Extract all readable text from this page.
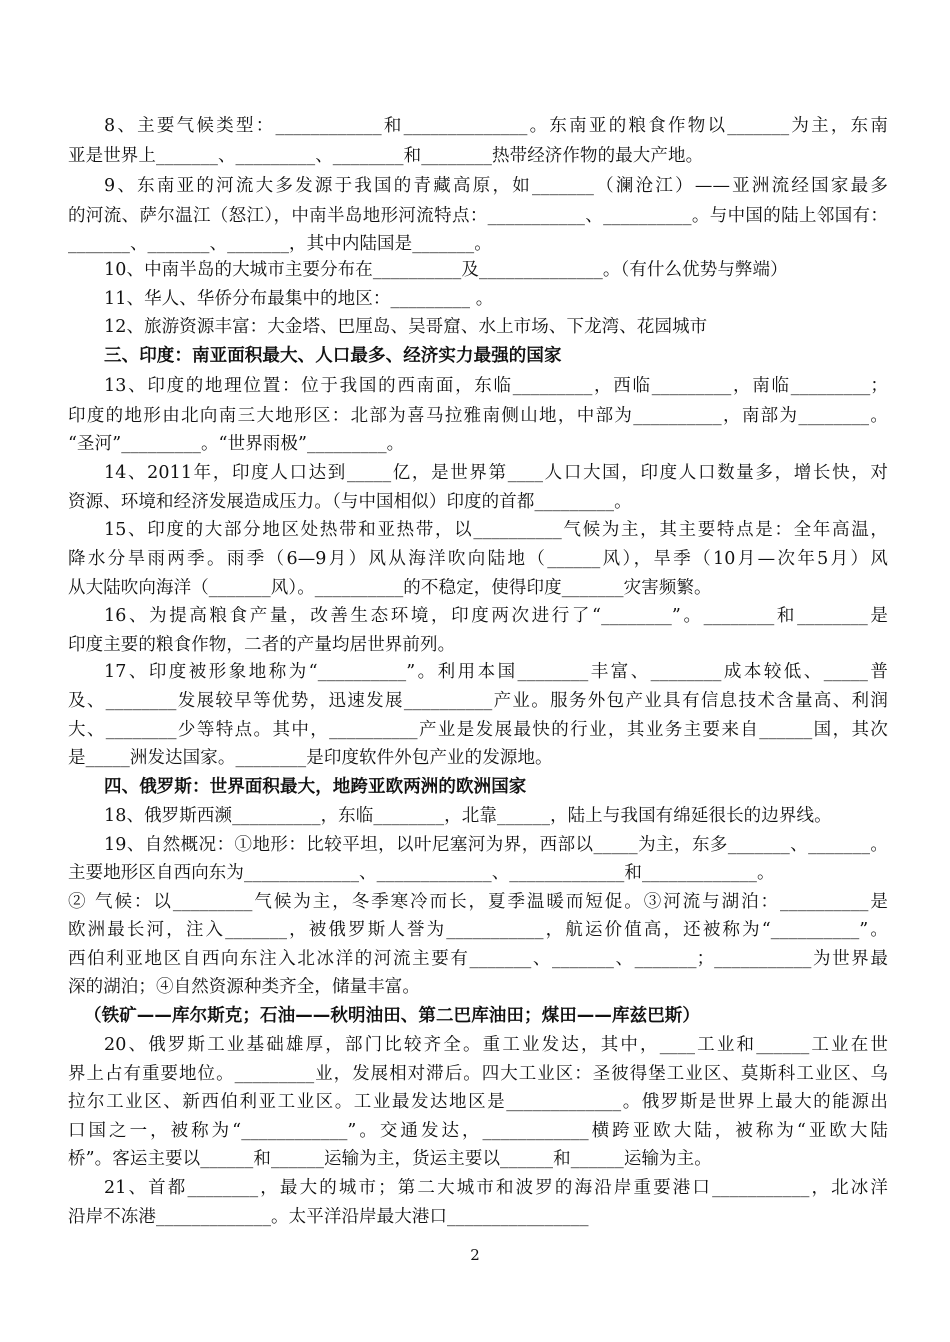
8、主要气候类型：____________和______________。东南亚的粮食作物以_______为主，东南
亚是世界上_______、_________、________和________热带经济作物的最大产地。
9、东南亚的河流大多发源于我国的青藏高原，如_______（澜沧江）——亚洲流经国家最多
的河流、萨尔温江（怒江），中南半岛地形河流特点：___________、__________。与中国的陆上邻国有：
_______、_______、_______，其中内陆国是_______。
10、中南半岛的大城市主要分布在__________及______________。（有什么优势与弊端）
11、华人、华侨分布最集中的地区：_________ 。
12、旅游资源丰富：大金塔、巴厘岛、吴哥窟、水上市场、下龙湾、花园城市
三、印度：南亚面积最大、人口最多、经济实力最强的国家
13、印度的地理位置：位于我国的西南面，东临_________，西临_________，南临_________；
印度的地形由北向南三大地形区：北部为喜马拉雅南侧山地，中部为__________，南部为________。
“圣河”_________。“世界雨极”_________。
14、2011年，印度人口达到_____亿，是世界第____人口大国，印度人口数量多，增长快，对
资源、环境和经济发展造成压力。（与中国相似）印度的首都_________。
15、印度的大部分地区处热带和亚热带，以__________气候为主，其主要特点是：全年高温，
降水分旱雨两季。雨季（6—9月）风从海洋吹向陆地（______风），旱季（10月—次年5月）风
从大陆吹向海洋（_______风）。__________的不稳定，使得印度_______灾害频繁。
16、为提高粮食产量，改善生态环境，印度两次进行了“________”。________和________是
印度主要的粮食作物，二者的产量均居世界前列。
17、印度被形象地称为“__________”。利用本国________丰富、________成本较低、_____普
及、________发展较早等优势，迅速发展__________产业。服务外包产业具有信息技术含量高、利润
大、________少等特点。其中，__________产业是发展最快的行业，其业务主要来自______国，其次
是_____洲发达国家。________是印度软件外包产业的发源地。
四、俄罗斯：世界面积最大，地跨亚欧两洲的欧洲国家
18、俄罗斯西濒__________，东临________，北靠______，陆上与我国有绵延很长的边界线。
19、自然概况：①地形：比较平坦，以叶尼塞河为界，西部以_____为主，东多_______、_______。
主要地形区自西向东为_____________、_____________、_____________和_____________。
② 气候：以_________气候为主，冬季寒冷而长，夏季温暖而短促。③河流与湖泊：__________是
欧洲最长河，注入_______，被俄罗斯人誉为___________，航运价值高，还被称为“__________”。
西伯利亚地区自西向东注入北冰洋的河流主要有_______、_______、_______；___________为世界最
深的湖泊；④自然资源种类齐全，储量丰富。
（铁矿——库尔斯克；石油——秋明油田、第二巴库油田；煤田——库兹巴斯）
20、俄罗斯工业基础雄厚，部门比较齐全。重工业发达，其中，____工业和______工业在世
界上占有重要地位。_________业，发展相对滞后。四大工业区：圣彼得堡工业区、莫斯科工业区、乌
拉尔工业区、新西伯利亚工业区。工业最发达地区是_____________。俄罗斯是世界上最大的能源出
口国之一，被称为“____________”。交通发达，____________横跨亚欧大陆，被称为“亚欧大陆
桥”。客运主要以______和______运输为主，货运主要以______和______运输为主。
21、首都________，最大的城市；第二大城市和波罗的海沿岸重要港口___________，北冰洋
沿岸不冻港_____________。太平洋沿岸最大港口________________
2
